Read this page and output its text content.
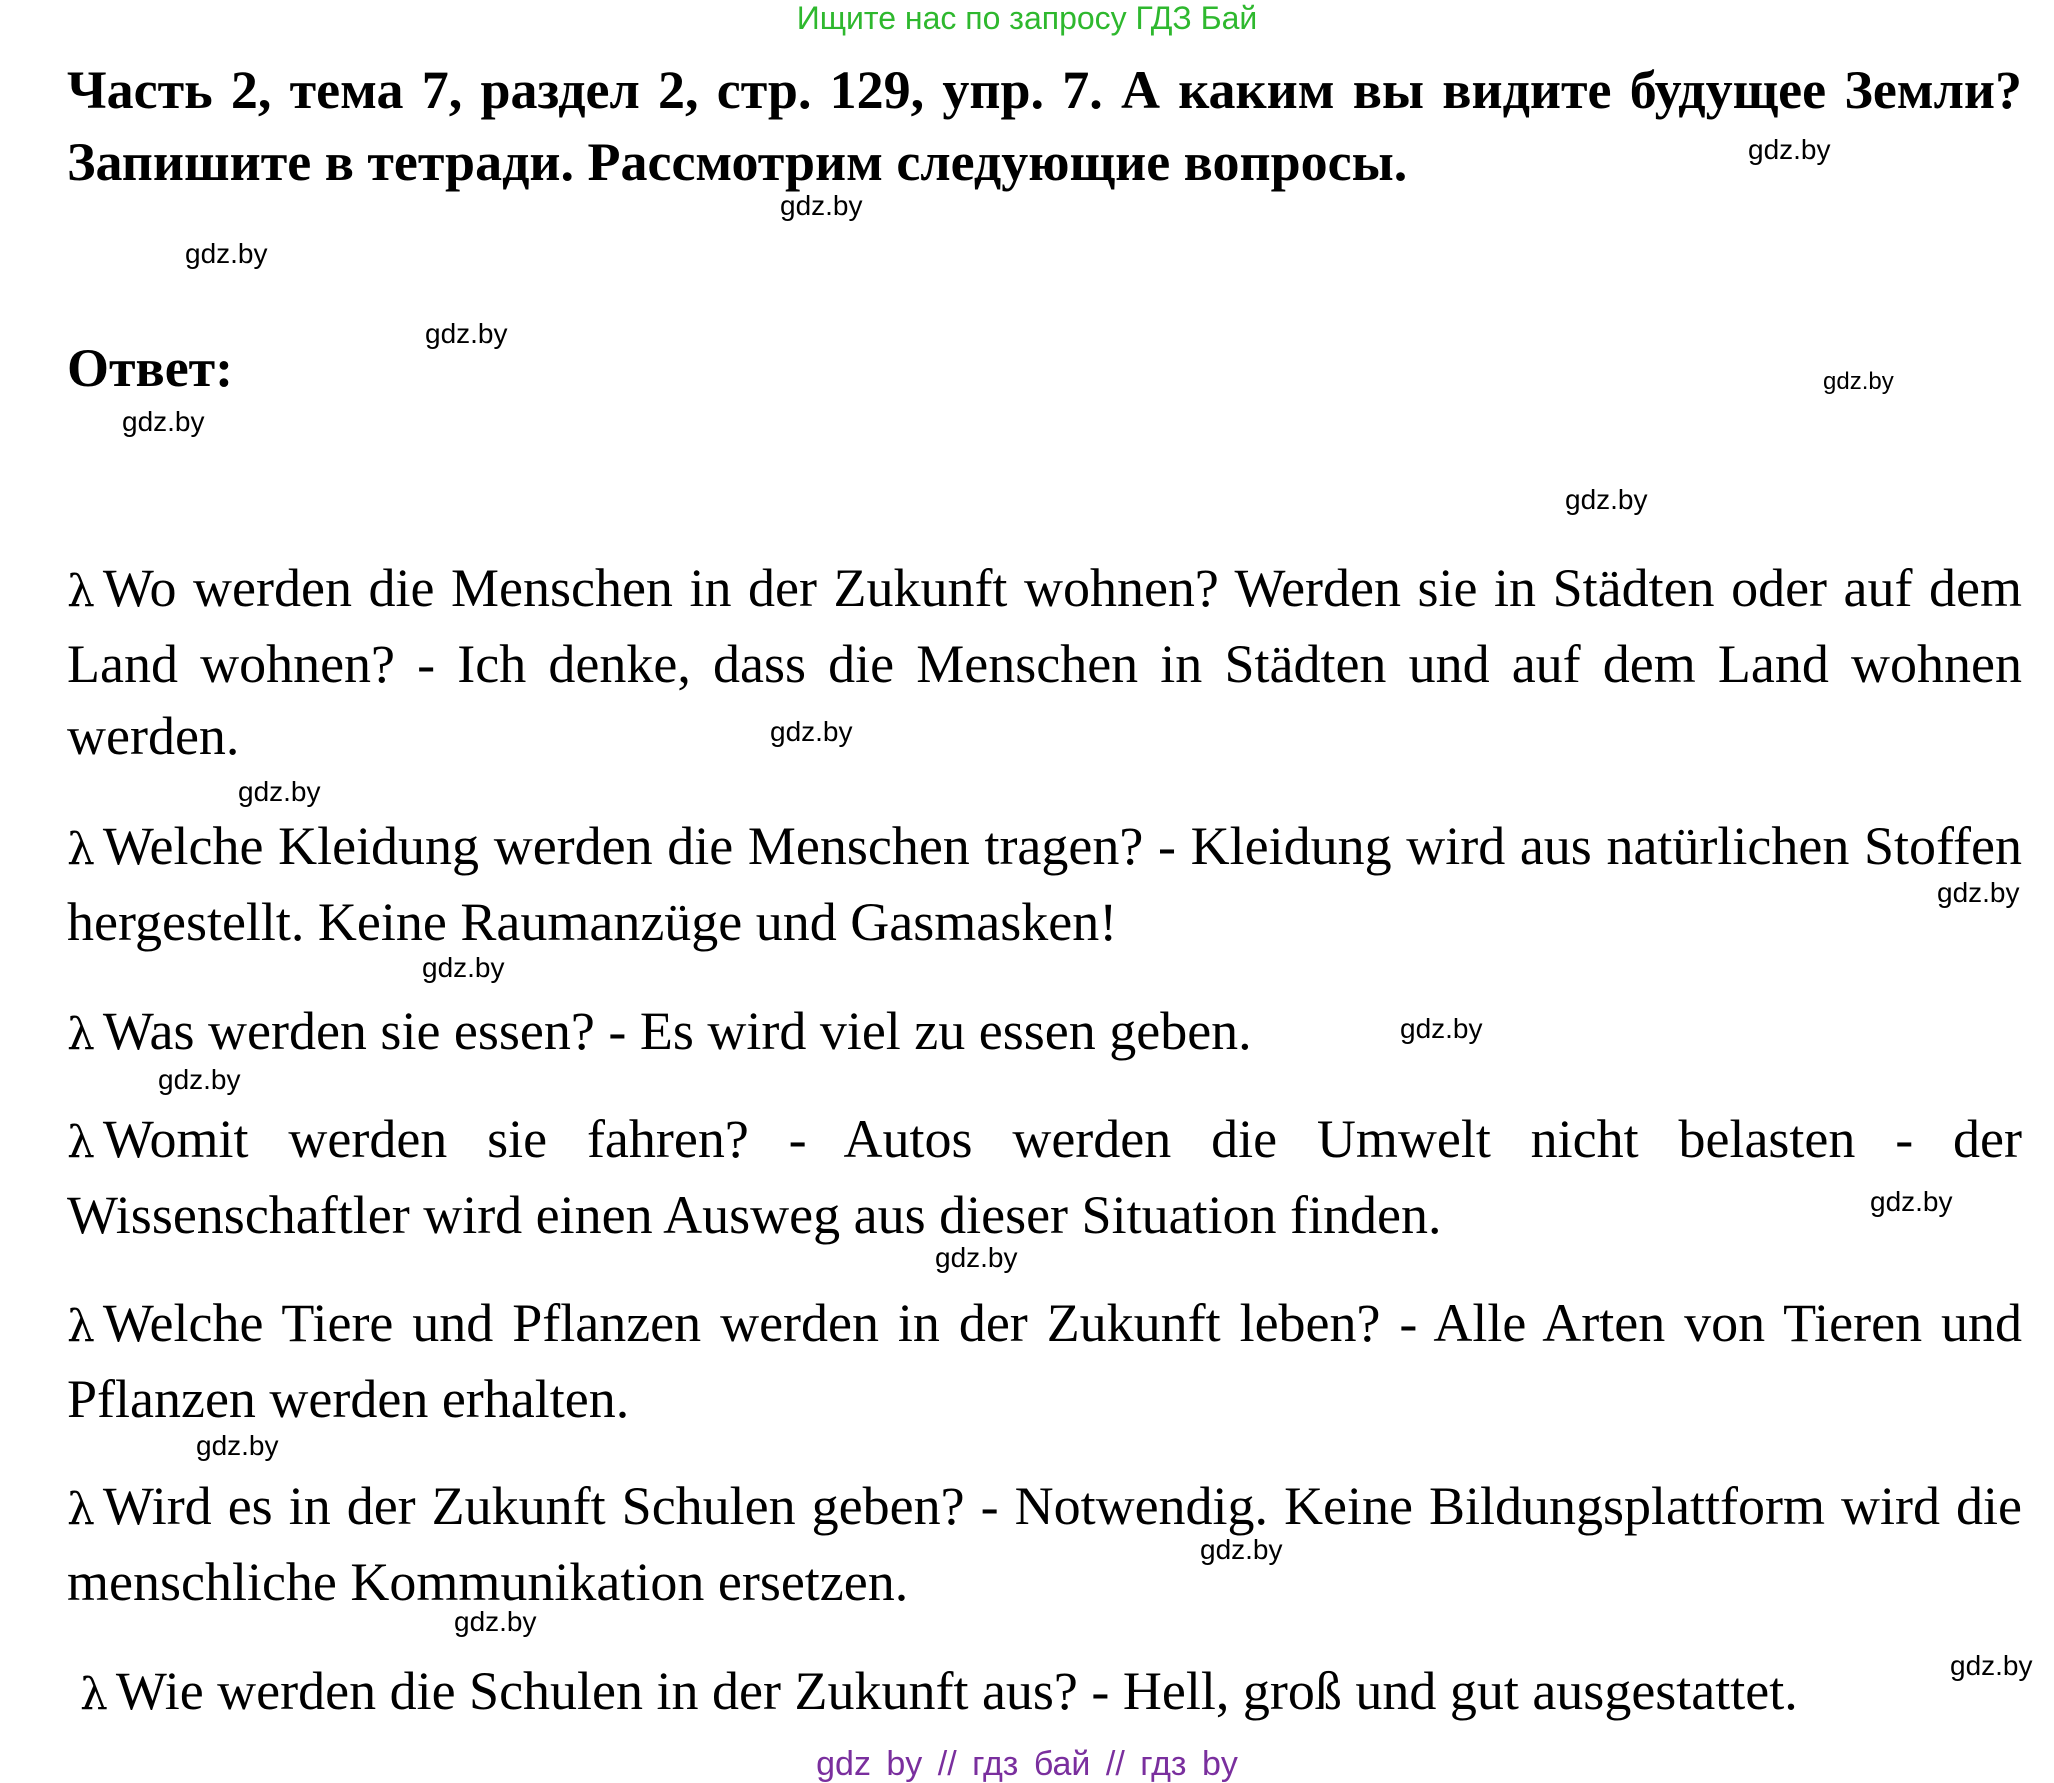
Ищите нас по запросу ГДЗ Бай
Часть 2, тема 7, раздел 2, стр. 129, упр. 7. А каким вы видите будущее Земли? Запишите в тетради. Рассмотрим следующие вопросы.
Ответ:
λ Wo werden die Menschen in der Zukunft wohnen? Werden sie in Städten oder auf dem Land wohnen? - Ich denke, dass die Menschen in Städten und auf dem Land wohnen werden.
λ Welche Kleidung werden die Menschen tragen? - Kleidung wird aus natürlichen Stoffen hergestellt. Keine Raumanzüge und Gasmasken!
λ Was werden sie essen? - Es wird viel zu essen geben.
λ Womit werden sie fahren? - Autos werden die Umwelt nicht belasten - der Wissenschaftler wird einen Ausweg aus dieser Situation finden.
λ Welche Tiere und Pflanzen werden in der Zukunft leben? - Alle Arten von Tieren und Pflanzen werden erhalten.
λ Wird es in der Zukunft Schulen geben? - Notwendig. Keine Bildungsplattform wird die menschliche Kommunikation ersetzen.
λ Wie werden die Schulen in der Zukunft aus? - Hell, groß und gut ausgestattet.
gdz.by
gdz.by
gdz.by
gdz.by
gdz.by
gdz.by
gdz.by
gdz.by
gdz.by
gdz.by
gdz.by
gdz.by
gdz.by
gdz.by
gdz.by
gdz.by
gdz.by
gdz.by
gdz.by
gdz by // гдз бай // гдз by
